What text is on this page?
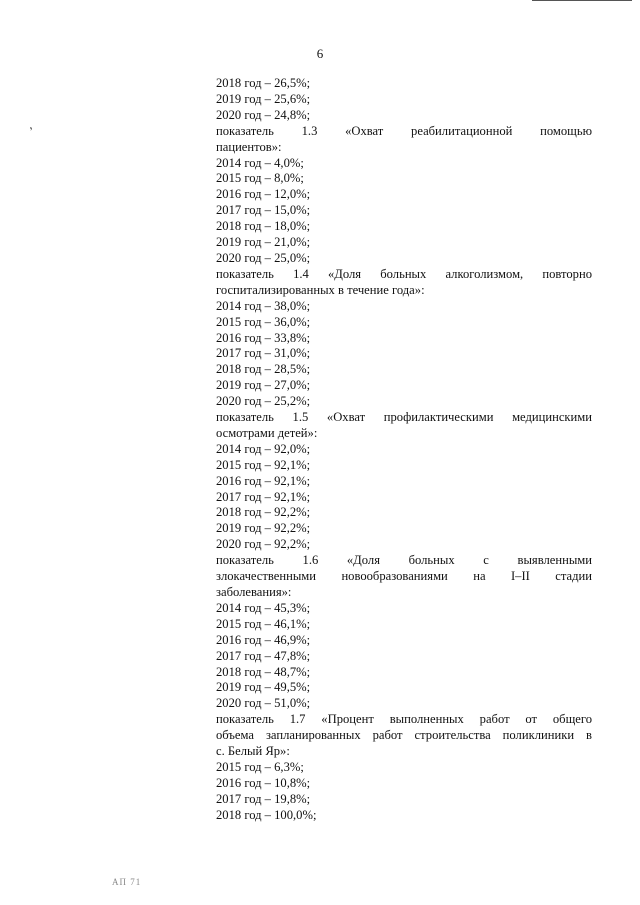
6
’
2018 год – 26,5%;
2019 год – 25,6%;
2020 год – 24,8%;
показатель 1.3 «Охват реабилитационной помощью
пациентов»:
2014 год – 4,0%;
2015 год – 8,0%;
2016 год – 12,0%;
2017 год – 15,0%;
2018 год – 18,0%;
2019 год – 21,0%;
2020 год – 25,0%;
показатель 1.4 «Доля больных алкоголизмом, повторно
госпитализированных в течение года»:
2014 год – 38,0%;
2015 год – 36,0%;
2016 год – 33,8%;
2017 год – 31,0%;
2018 год – 28,5%;
2019 год – 27,0%;
2020 год – 25,2%;
показатель 1.5 «Охват профилактическими медицинскими
осмотрами детей»:
2014 год – 92,0%;
2015 год – 92,1%;
2016 год – 92,1%;
2017 год – 92,1%;
2018 год – 92,2%;
2019 год – 92,2%;
2020 год – 92,2%;
показатель 1.6 «Доля больных с выявленными
злокачественными новообразованиями на I–II стадии
заболевания»:
2014 год – 45,3%;
2015 год – 46,1%;
2016 год – 46,9%;
2017 год – 47,8%;
2018 год – 48,7%;
2019 год – 49,5%;
2020 год – 51,0%;
показатель 1.7 «Процент выполненных работ от общего
объема запланированных работ строительства поликлиники в
с. Белый Яр»:
2015 год – 6,3%;
2016 год – 10,8%;
2017 год – 19,8%;
2018 год – 100,0%;
АП 71
